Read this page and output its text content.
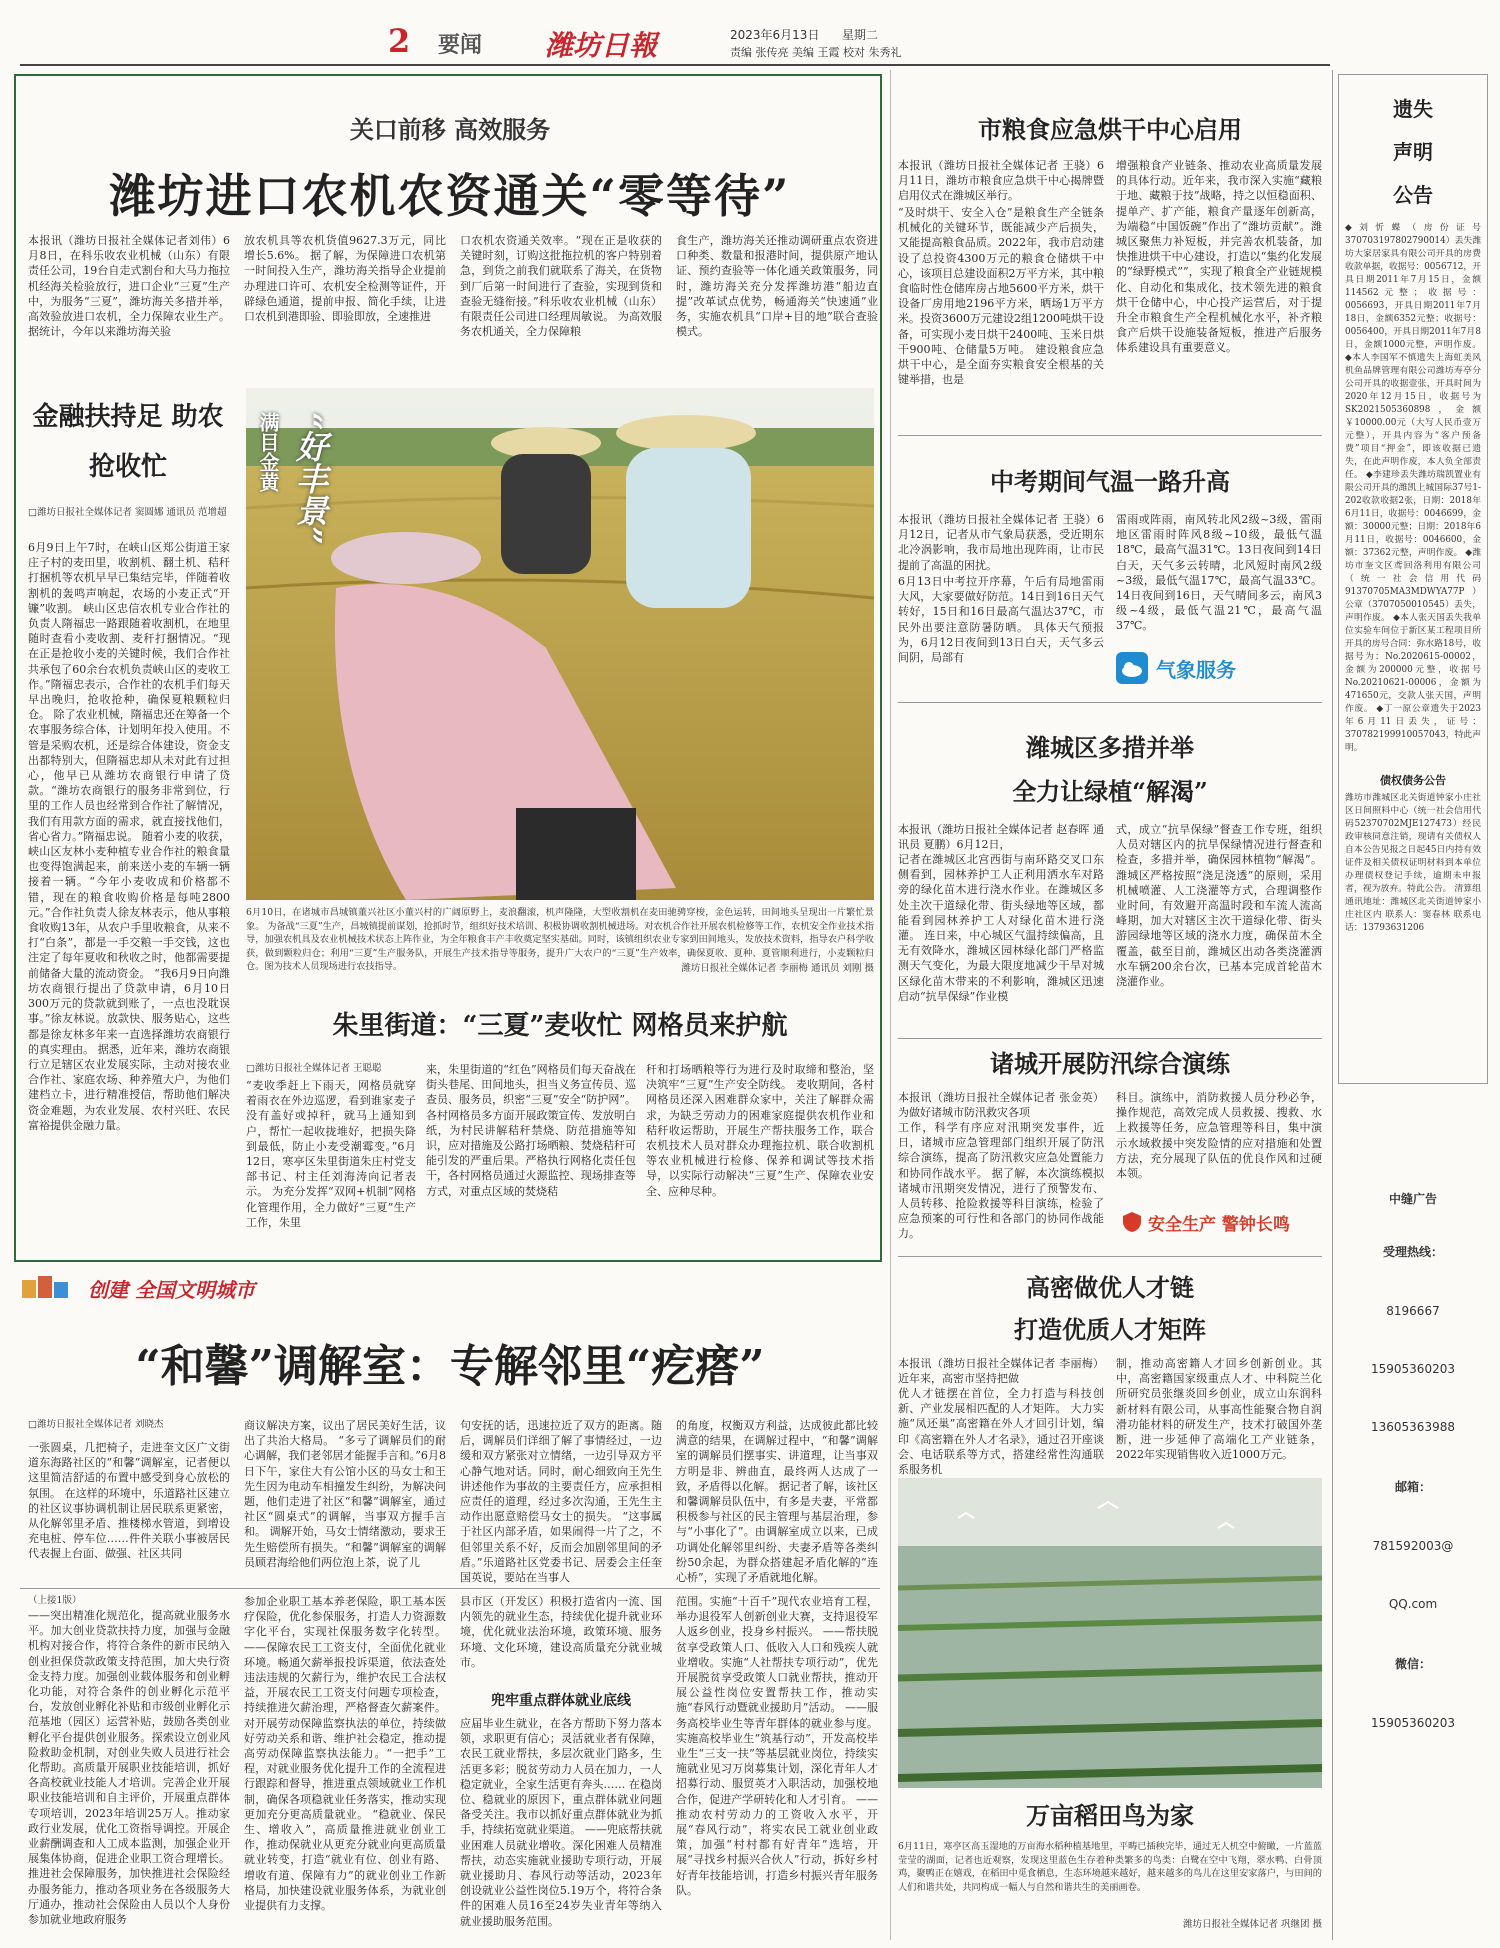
2 要闻 潍坊日報	2023年6月13日 星期二
责编 张传亮 美编 王霞 校对 朱秀礼
关口前移 高效服务
潍坊进口农机农资通关“零等待”
本报讯（潍坊日报社全媒体记者刘伟）6月8日，在科乐收农业机械（山东）有限责任公司，19台自走式割台和大马力拖拉机经海关检验放行，进口企业“三夏”生产中，为服务“三夏”，潍坊海关多措并举，高效验放进口农机，全力保障农业生产。据统计，今年以来潍坊海关验
放农机具等农机货值9627.3万元，同比增长5.6%。 据了解，为保障进口农机第一时间投入生产，潍坊海关指导企业提前办理进口许可、农机安全检测等证件，开辟绿色通道，提前申报、简化手续，让进口农机到港即验、即验即放，全速推进
口农机农资通关效率。“现在正是收获的关键时刻，订购这批拖拉机的客户特别着急，到货之前我们就联系了海关，在货物到厂后第一时间进行了查验，实现到货和查验无缝衔接。”科乐收农业机械（山东）有限责任公司进口经理周敏说。 为高效服务农机通关，全力保障粮
食生产，潍坊海关还推动调研重点农资进口种类、数量和报港时间，提供原产地认证、预约查验等一体化通关政策服务，同时，潍坊海关充分发挥潍坊港“船边直提”改革试点优势，畅通海关“快速通”业务，实施农机具“口岸+目的地”联合查验模式。
金融扶持足 助农抢收忙
□潍坊日报社全媒体记者 窦圆娜 通讯员 范增超
6月9日上午7时，在峡山区郑公街道王家庄子村的麦田里，收割机、翻土机、秸秆打捆机等农机早早已集结完毕，伴随着收割机的轰鸣声响起，农场的小麦正式“开镰”收割。 峡山区忠信农机专业合作社的负责人隋福忠一路跟随着收割机，在地里随时查看小麦收割、麦秆打捆情况。“现在正是抢收小麦的关键时候，我们合作社共承包了60余台农机负责峡山区的麦收工作。”隋福忠表示，合作社的农机手们每天早出晚归，抢收抢种，确保夏粮颗粒归仓。 除了农业机械，隋福忠还在筹备一个农事服务综合体，计划明年投入使用。不管是采购农机，还是综合体建设，资金支出都特别大，但隋福忠却从未对此有过担心，他早已从潍坊农商银行申请了贷款。“潍坊农商银行的服务非常到位，行里的工作人员也经常到合作社了解情况，我们有用款方面的需求，就直接找他们，省心省力。”隋福忠说。 随着小麦的收获，峡山区友林小麦种植专业合作社的粮食量也变得饱满起来，前来送小麦的车辆一辆接着一辆。“今年小麦收成和价格都不错，现在的粮食收购价格是每吨2800元。”合作社负责人徐友林表示，他从事粮食收购13年，从农户手里收粮食，从来不打“白条”，都是一手交粮一手交钱，这也注定了每年夏收和秋收之时，他都需要提前储备大量的流动资金。 “我6月9日向潍坊农商银行提出了贷款申请，6月10日300万元的贷款就到账了，一点也没耽误事。”徐友林说。放款快、服务贴心，这些都是徐友林多年来一直选择潍坊农商银行的真实理由。 据悉，近年来，潍坊农商银行立足辖区农业发展实际，主动对接农业合作社、家庭农场、种养殖大户，为他们建档立卡，进行精准授信，帮助他们解决资金难题，为农业发展、农村兴旺、农民富裕提供金融力量。
满目金黄 “好丰景”
6月10日，在诸城市昌城镇董兴社区小董兴村的广阔原野上，麦浪翻滚，机声隆隆，大型收割机在麦田驰骋穿梭，金色运转，田间地头呈现出一片繁忙景象。 为备战“三夏”生产，昌城镇提前谋划，抢抓时节，组织好技术培训、积极协调收割机械进场。对农机合作社开展农机检修等工作，农机安全作业技术指导，加强农机具及农业机械技术状态上阵作业，为全年粮食丰产丰收奠定坚实基础。同时，该镇组织农业专家到田间地头，发放技术资料，指导农户科学收获，做到颗粒归仓；利用“三夏”生产服务队，开展生产技术指导等服务，提升广大农户的“三夏”生产效率，确保夏收、夏种、夏管顺利进行，小麦颗粒归仓。图为技术人员现场进行农技指导。	潍坊日报社全媒体记者 李丽梅 通讯员 刘刚 摄
朱里街道：“三夏”麦收忙 网格员来护航
□潍坊日报社全媒体记者 王聪聪
“麦收季赶上下雨天，网格员就穿着雨衣在外边巡逻，看到谁家麦子没有盖好或掉秆，就马上通知到户，帮忙一起收拢堆好，把损失降到最低，防止小麦受潮霉变。”6月12日，寒亭区朱里街道朱庄村党支部书记、村主任刘海涛向记者表示。 为充分发挥“双网+机制”网格化管理作用，全力做好“三夏”生产工作，朱里
来，朱里街道的“红色”网格员们每天奋战在街头巷尾、田间地头，担当义务宣传员、巡查员、服务员，织密“三夏”安全“防护网”。 各村网格员多方面开展政策宣传、发放明白纸，为村民讲解秸秆禁烧、防范措施等知识，应对措施及公路打场晒粮、焚烧秸秆可能引发的严重后果。严格执行网格化责任包干，各村网格员通过火源监控、现场排查等方式，对重点区域的焚烧秸
秆和打场晒粮等行为进行及时取缔和整治，坚决筑牢“三夏”生产安全防线。 麦收期间，各村网格员还深入困难群众家中，关注了解群众需求，为缺乏劳动力的困难家庭提供农机作业和秸秆收运帮助，开展生产帮扶服务工作，联合农机技术人员对群众办理拖拉机、联合收割机等农业机械进行检修、保养和调试等技术指导，以实际行动解决“三夏”生产、保障农业安全、应种尽种。
创建 全国文明城市
“和馨”调解室：专解邻里“疙瘩”
□潍坊日报社全媒体记者 刘晓杰
一张圆桌，几把椅子，走进奎文区广文街道东海路社区的“和馨”调解室，记者便以这里简洁舒适的布置中感受到身心放松的氛围。 在这样的环境中，乐道路社区建立的社区议事协调机制让居民联系更紧密，从化解邻里矛盾、推楼梯水管道，到增设充电桩、停车位……件件关联小事被居民代表握上台面、做强、社区共同
商议解决方案，议出了居民美好生活，议出了共治大格局。 “多亏了调解员们的耐心调解，我们老邻居才能握手言和。”6月8日下午，家住大有公馆小区的马女士和王先生因为电动车相撞发生纠纷，为解决问题，他们走进了社区“和馨”调解室，通过社区“圆桌式”的调解，当事双方握手言和。 调解开始，马女士情绪激动，要求王先生赔偿所有损失。“和馨”调解室的调解员顾君海给他们两位泡上茶，说了儿
句安抚的话，迅速拉近了双方的距离。随后，调解员们详细了解了事情经过，一边缓和双方紧张对立情绪，一边引导双方平心静气地对话。同时，耐心细致向王先生讲述他作为事故的主要责任方，应承担相应责任的道理，经过多次沟通，王先生主动作出愿意赔偿马女士的损失。 “这事属于社区内部矛盾，如果闹得一片了之，不但邻里关系不好，反而会加剧邻里间的矛盾。”乐道路社区党委书记、居委会主任奎国英说，要站在当事人
的角度，权衡双方利益，达成彼此都比较满意的结果，在调解过程中，“和馨”调解室的调解员们摆事实、讲道理，让当事双方明是非、辨曲直，最终两人达成了一致，矛盾得以化解。 据记者了解，该社区和馨调解员队伍中，有多是夫妻，平常都积极参与社区的民主管理与基层治理，参与“小事化了”。由调解室成立以来，已成功调处化解邻里纠纷、夫妻矛盾等各类纠纷50余起，为群众搭建起矛盾化解的“连心桥”，实现了矛盾就地化解。
（上接1版）
——突出精准化规范化，提高就业服务水平。加大创业贷款扶持力度，加强与金融机构对接合作，将符合条件的新市民纳入创业担保贷款政策支持范围，加大央行资金支持力度。加强创业载体服务和创业孵化功能，对符合条件的创业孵化示范平台，发放创业孵化补贴和市级创业孵化示范基地（园区）运营补贴，鼓励各类创业孵化平台提供创业服务。探索设立创业风险救助金机制，对创业失败人员进行社会化帮助。高质量开展职业技能培训，抓好各高校就业技能人才培训。完善企业开展职业技能培训和自主评价，开展重点群体专项培训，2023年培训25万人。推动家政行业发展，优化工资指导调控。开展企业薪酬调查和人工成本监测，加强企业开展集体协商，促进企业职工资合理增长。推进社会保障服务，加快推进社会保险经办服务能力，推动各项业务在各级服务大厅通办，推动社会保险由人员以个人身份参加就业地政府服务
参加企业职工基本养老保险，职工基本医疗保险，优化参保服务，打造人力资源数字化平台，实现社保服务数字化转型。 ——保障农民工工资支付，全面优化就业环境。畅通欠薪举报投诉渠道，依法查处违法违规的欠薪行为，维护农民工合法权益，开展农民工工资支付问题专项检查，持续推进欠薪治理，严格督查欠薪案件。对开展劳动保障监察执法的单位，持续做好劳动关系和谐、维护社会稳定，推动提高劳动保障监察执法能力。“一把手”工程，对就业服务优化提升工作的全流程进行跟踪和督导，推进重点领域就业工作机制，确保各项稳就业任务落实，推动实现更加充分更高质量就业。 “稳就业、保民生、增收入”，高质量推进就业创业工作，推动保就业从更充分就业向更高质量就业转变，打造“就业有位、创业有路、增收有道、保障有力”的就业创业工作新格局，加快建设就业服务体系，为就业创业提供有力支撑。
县市区（开发区）积极打造省内一流、国内领先的就业生态，持续优化提升就业环境，优化就业法治环境，政策环境、服务环境、文化环境，建设高质量充分就业城市。
兜牢重点群体就业底线
应届毕业生就业，在各方帮助下努力落本领，求职更有信心；灵活就业者有保障，农民工就业帮扶，多层次就业门路多，生活更多彩；脱贫劳动力人员在加力，一人稳定就业，全家生活更有奔头…… 在稳岗位、稳就业的原因下，重点群体就业问题备受关注。我市以抓好重点群体就业为抓手，持续拓宽就业渠道。 ——兜底帮扶就业困难人员就业增收。深化困难人员精准帮扶，动态实施就业援助专项行动，开展就业援助月、春风行动等活动，2023年创设就业公益性岗位5.19万个，将符合条件的困难人员16至24岁失业青年等纳入就业援助服务范围。
范围。实施“十百千”现代农业培育工程，举办退役军人创新创业大赛，支持退役军人返乡创业，投身乡村振兴。 ——帮扶脱贫享受政策人口、低收入人口和残疾人就业增收。实施“人社帮扶专项行动”，优先开展脱贫享受政策人口就业帮扶，推动开展公益性岗位安置帮扶工作，推动实施“春风行动暨就业援助月”活动。 ——服务高校毕业生等青年群体的就业参与度。实施高校毕业生“筑基行动”，开发高校毕业生“三支一扶”等基层就业岗位，持续实施就业见习万岗募集计划，深化青年人才招募行动、服贸英才入职活动，加强校地合作，促进产学研转化和人才引育。 ——推动农村劳动力的工资收入水平，开展“春风行动”，将实农民工就业创业政策，加强“村村都有好青年”选培，开展“寻找乡村振兴合伙人”行动，拆好乡村好青年技能培训，打造乡村振兴青年服务队。
市粮食应急烘干中心启用
本报讯（潍坊日报社全媒体记者 王骁）6月11日，潍坊市粮食应急烘干中心揭牌暨启用仪式在潍城区举行。
“及时烘干、安全入仓”是粮食生产全链条机械化的关键环节，既能减少产后损失，又能提高粮食品质。2022年，我市启动建设了总投资4300万元的粮食仓储烘干中心，该项目总建设面积2万平方米，其中粮食临时性仓储库房占地5600平方米，烘干设备厂房用地2196平方米，晒场1万平方米。投资3600万元建设2组1200吨烘干设备，可实现小麦日烘干2400吨、玉米日烘干900吨、仓储量5万吨。 建设粮食应急烘干中心，是全面夯实粮食安全根基的关键举措，也是
增强粮食产业链条、推动农业高质量发展的具体行动。近年来，我市深入实施“藏粮于地、藏粮于技”战略，持之以恒稳面积、提单产、扩产能，粮食产量逐年创新高，为端稳“中国饭碗”作出了“潍坊贡献”。潍城区聚焦力补短板，并完善农机装备，加快推进烘干中心建设，打造以“集约化发展的“绿野模式””，实现了粮食全产业链规模化、自动化和集成化，技术领先进的粮食烘干仓储中心，中心投产运营后，对于提升全市粮食生产全程机械化水平，补齐粮食产后烘干设施装备短板，推进产后服务体系建设具有重要意义。
中考期间气温一路升高
本报讯（潍坊日报社全媒体记者 王骁）6月12日，记者从市气象局获悉，受近期东北冷涡影响，我市局地出现阵雨，让市民提前了高温的困扰。
6月13日中考拉开序幕，午后有局地雷雨大风，大家要做好防范。14日到16日天气转好，15日和16日最高气温达37℃，市民外出要注意防暑防晒。 具体天气预报为，6月12日夜间到13日白天，天气多云间阴，局部有
雷雨或阵雨，南风转北风2级~3级，雷雨地区雷雨时阵风8级~10级，最低气温18℃，最高气温31℃。13日夜间到14日白天，天气多云转晴，北风短时南风2级~3级，最低气温17℃，最高气温33℃。14日夜间到16日，天气晴间多云，南风3级~4级，最低气温21℃，最高气温37℃。
气象服务
潍城区多措并举
全力让绿植“解渴”
本报讯（潍坊日报社全媒体记者 赵春晖 通讯员 夏鹏）6月12日，
记者在潍城区北宫西街与南环路交叉口东侧看到，园林养护工人正利用洒水车对路旁的绿化苗木进行浇水作业。在潍城区多处主次干道绿化带、街头绿地等区域，都能看到园林养护工人对绿化苗木进行浇灌。 连日来，中心城区气温持续偏高，且无有效降水，潍城区园林绿化部门严格监测天气变化，为最大限度地减少干旱对城区绿化苗木带来的不利影响，潍城区迅速启动“抗旱保绿”作业模
式，成立“抗旱保绿”督查工作专班，组织人员对辖区内的抗旱保绿情况进行督查和检查，多措并举，确保园林植物“解渴”。 潍城区严格按照“浇足浇透”的原则，采用机械喷灌、人工浇灌等方式，合理调整作业时间，有效避开高温时段和车流人流高峰期，加大对辖区主次干道绿化带、街头游园绿地等区域的浇水力度，确保苗木全覆盖，截至目前，潍城区出动各类浇灌洒水车辆200余台次，已基本完成首轮苗木浇灌作业。
诸城开展防汛综合演练
本报讯（潍坊日报社全媒体记者 张金英）为做好诸城市防汛救灾各项
工作，科学有序应对汛期突发事件，近日，诸城市应急管理部门组织开展了防汛综合演练，提高了防汛救灾应急处置能力和协同作战水平。 据了解，本次演练模拟诸城市汛期突发情况，进行了预警发布、人员转移、抢险救援等科目演练，检验了应急预案的可行性和各部门的协同作战能力。
科目。演练中，消防救援人员分秒必争，操作规范，高效完成人员救援、搜救、水上救援等任务，应急管理等科目，集中演示水域救援中突发险情的应对措施和处置方法，充分展现了队伍的优良作风和过硬本领。
安全生产 警钟长鸣
高密做优人才链
打造优质人才矩阵
本报讯（潍坊日报社全媒体记者 李丽梅）近年来，高密市坚持把做
优人才链摆在首位，全力打造与科技创新、产业发展相匹配的人才矩阵。 大力实施“凤还巢”高密籍在外人才回引计划，编印《高密籍在外人才名录》，通过召开座谈会、电话联系等方式，搭建经常性沟通联系服务机
制，推动高密籍人才回乡创新创业。其中，高密籍国家级重点人才、中科院兰化所研究员张继炎回乡创业，成立山东润科新材料有限公司，从事高性能聚合物自润滑功能材料的研发生产，技术打破国外垄断，进一步延伸了高端化工产业链条，2022年实现销售收入近1000万元。
万亩稻田鸟为家
6月11日，寒亭区高玉湿地的万亩海水稻种植基地里，平畴已插秧完毕，通过无人机空中俯瞰，一片蓝蓝莹莹的湖面，记者也近观察，发现这里蓝色生存着种类繁多的鸟类：白鹭在空中飞翔，翠水鸭、白骨顶鸡，聚鸭正在嬉戏，在稻田中觅食栖息，生态环境越来越好，越来越多的鸟儿在这里安家落户，与田间的人们和谐共处，共同构成一幅人与自然和谐共生的美丽画卷。
潍坊日报社全媒体记者 巩继团 摄
遗失
声明
公告
◆刘忻蝶（房份证号370703197802790014）丢失潍坊大家居家具有限公司开具的房费收款单据，收据号：0056712，开具日期2011年7月15日，金额114562元整；收据号：0056693，开具日期2011年7月18日，金额6352元整；收据号：0056400，开具日期2011年7月8日，金额1000元整，声明作废。 ◆本人李国军不慎遗失上海虹美风机鱼品牌管理有限公司潍坊寿亭分公司开具的收据壹张，开具时间为2020年12月15日，收据号为SK2021505360898，金额￥10000.00元（大写人民币壹万元整），开具内容为“客户预备费”项目“押金”，即该收据已遗失，在此声明作废，本人负全部责任。 ◆李建珍丢失潍坊瑞凯置业有限公司开具的潍凯上城国际37号1-202收款收据2张，日期：2018年6月11日，收据号：0046699，金额：30000元整；日期：2018年6月11日，收据号：0046600，金额：37362元整，声明作废。 ◆潍坊市奎文区鸢回洛利用有限公司（统一社会信用代码91370705MA3MDWYA77P）公章（3707050010545）丢失，声明作废。 ◆本人张天国丢失我单位实验车间位于新区某工程项目所开具的房号合同：弥水路18号，收据号为：No.2020615-00002，金额为200000元整，收据号No.20210621-00006，金额为471650元，交款人张天国，声明作废。 ◆丁一原公章遗失于2023年6月11日丢失，证号：370782199910057043，特此声明。
债权债务公告
潍坊市潍城区北关街道钟家小庄社区日间照料中心（统一社会信用代码52370702MJE127473）经民政审核同意注销，现请有关债权人自本公告见报之日起45日内持有效证件及相关债权证明材料到本单位办理债权登记手续，逾期未申报者，视为放弃。特此公告。 清算组通讯地址：潍城区北关街道钟家小庄社区内 联系人：窦春林 联系电话：13793631206
中缝广告
受理热线：
8196667
15905360203
13605363988
邮箱：
781592003@
QQ.com
微信：
15905360203
